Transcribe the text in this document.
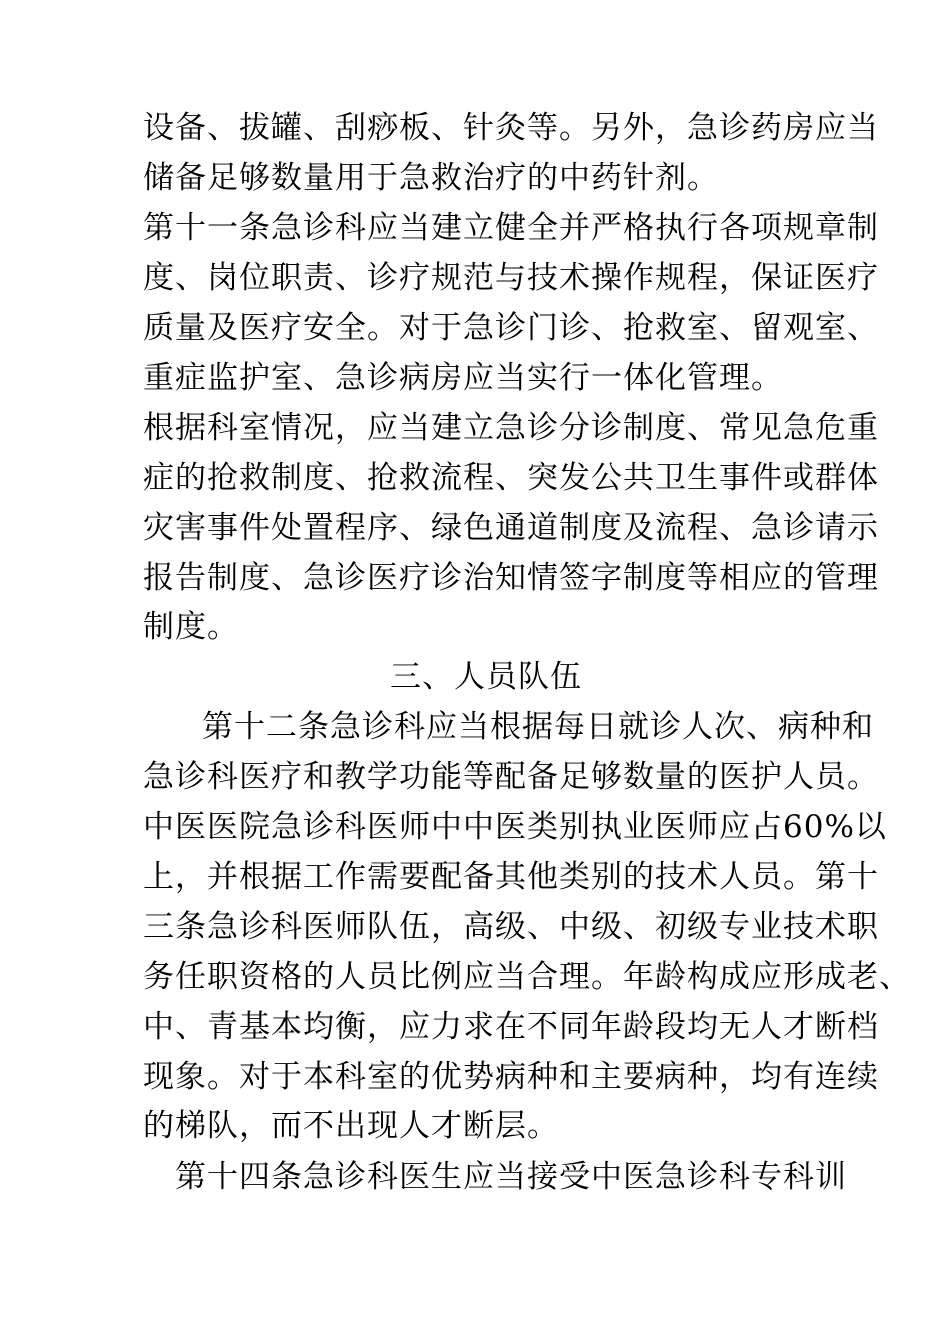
设备、拔罐、刮痧板、针灸等。另外，急诊药房应当
储备足够数量用于急救治疗的中药针剂。
第十一条急诊科应当建立健全并严格执行各项规章制
度、岗位职责、诊疗规范与技术操作规程，保证医疗
质量及医疗安全。对于急诊门诊、抢救室、留观室、
重症监护室、急诊病房应当实行一体化管理。
根据科室情况，应当建立急诊分诊制度、常见急危重
症的抢救制度、抢救流程、突发公共卫生事件或群体
灾害事件处置程序、绿色通道制度及流程、急诊请示
报告制度、急诊医疗诊治知情签字制度等相应的管理
制度。
三、人员队伍
第十二条急诊科应当根据每日就诊人次、病种和
急诊科医疗和教学功能等配备足够数量的医护人员。
中医医院急诊科医师中中医类别执业医师应占60%以
上，并根据工作需要配备其他类别的技术人员。第十
三条急诊科医师队伍，高级、中级、初级专业技术职
务任职资格的人员比例应当合理。年龄构成应形成老、
中、青基本均衡，应力求在不同年龄段均无人才断档
现象。对于本科室的优势病种和主要病种，均有连续
的梯队，而不出现人才断层。
第十四条急诊科医生应当接受中医急诊科专科训
